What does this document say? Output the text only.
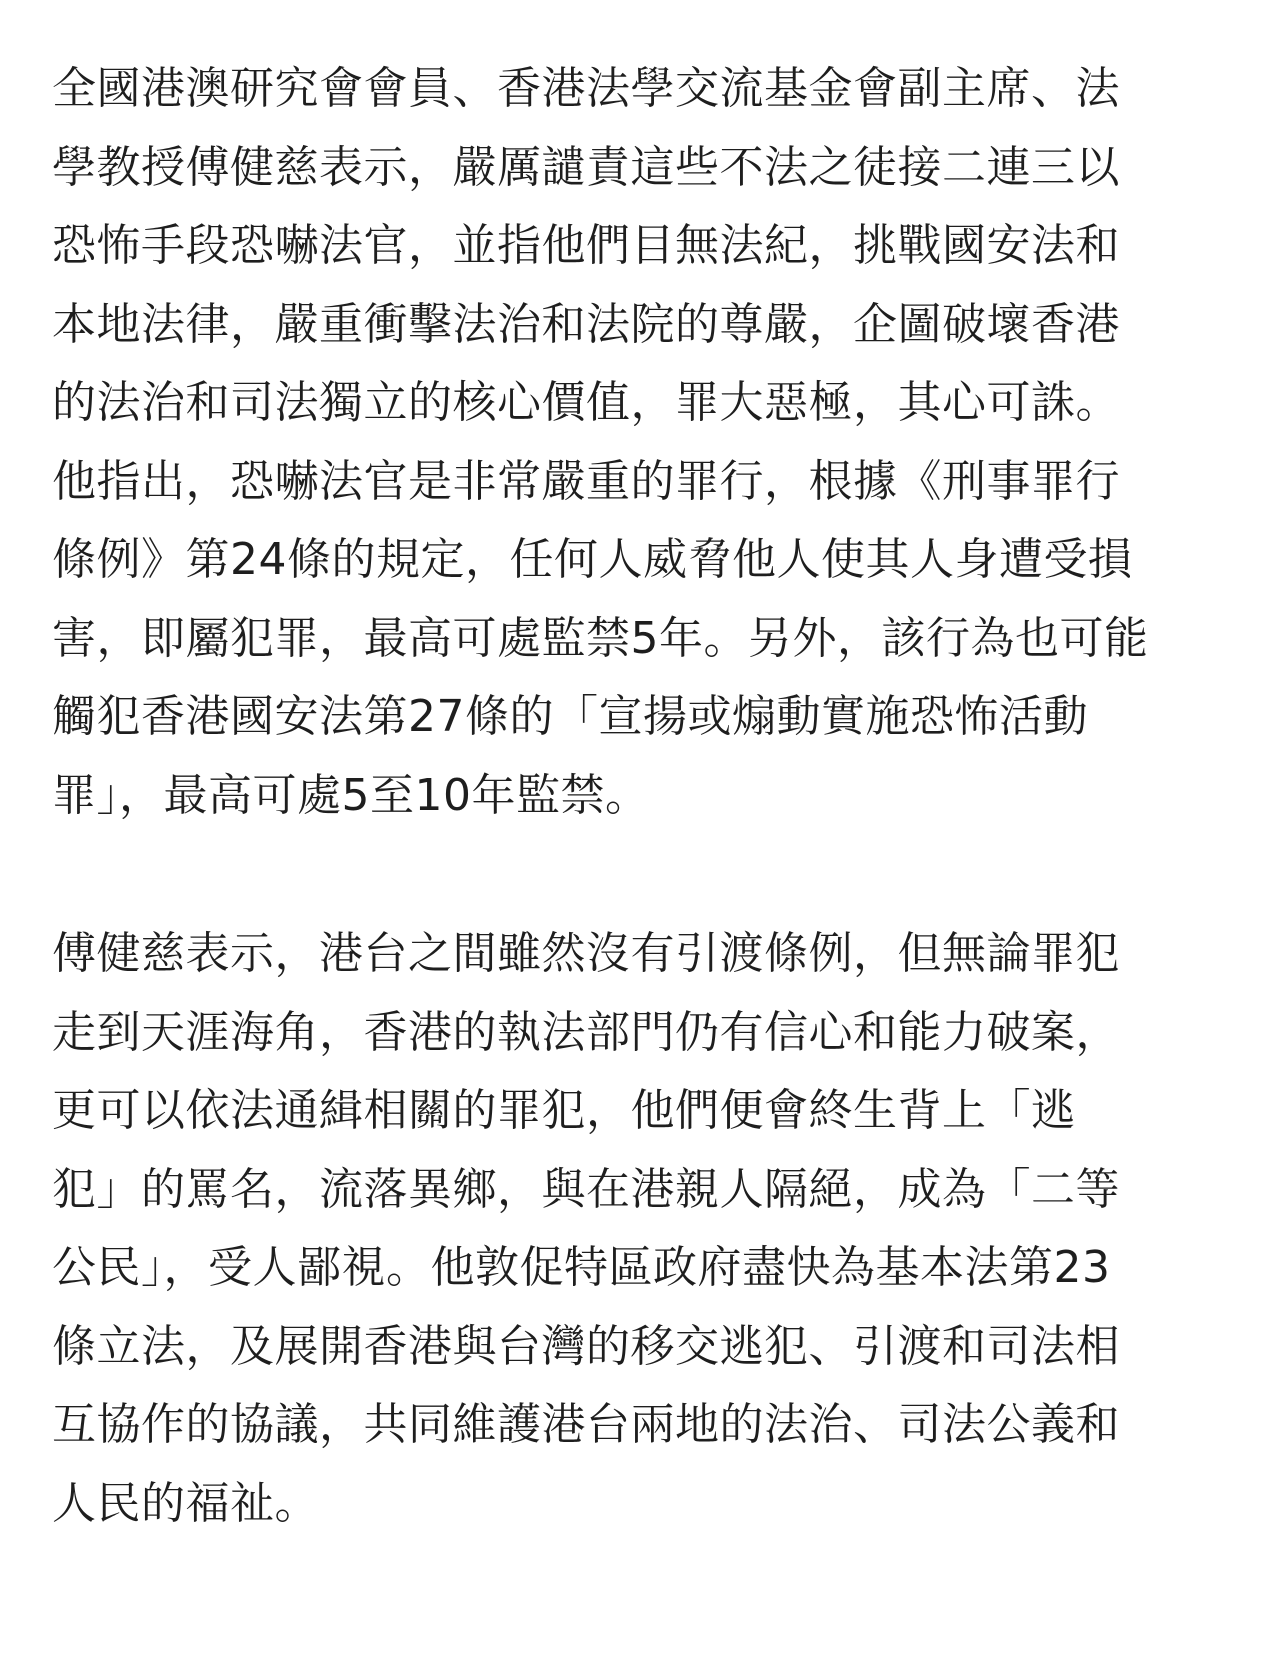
全國港澳研究會會員、香港法學交流基金會副主席、法
學教授傅健慈表示，嚴厲譴責這些不法之徒接二連三以
恐怖手段恐嚇法官，並指他們目無法紀，挑戰國安法和
本地法律，嚴重衝擊法治和法院的尊嚴，企圖破壞香港
的法治和司法獨立的核心價值，罪大惡極，其心可誅。
他指出，恐嚇法官是非常嚴重的罪行，根據《刑事罪行
條例》第24條的規定，任何人威脅他人使其人身遭受損
害，即屬犯罪，最高可處監禁5年。另外，該行為也可能
觸犯香港國安法第27條的「宣揚或煽動實施恐怖活動
罪」，最高可處5至10年監禁。
傅健慈表示，港台之間雖然沒有引渡條例，但無論罪犯
走到天涯海角，香港的執法部門仍有信心和能力破案，
更可以依法通緝相關的罪犯，他們便會終生背上「逃
犯」的罵名，流落異鄉，與在港親人隔絕，成為「二等
公民」，受人鄙視。他敦促特區政府盡快為基本法第23
條立法，及展開香港與台灣的移交逃犯、引渡和司法相
互協作的協議，共同維護港台兩地的法治、司法公義和
人民的福祉。
